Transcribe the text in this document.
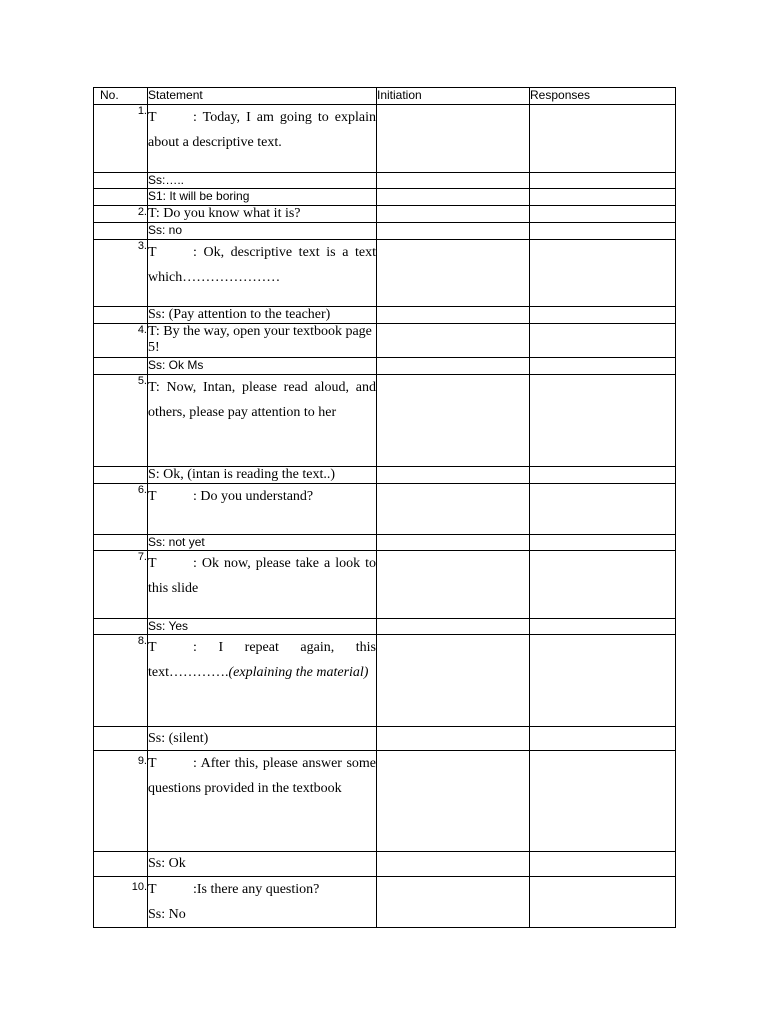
No.	Statement	Initiation	Responses
1.	T : Today, I am going to explain about a descriptive text.		
	Ss:…..		
	S1: It will be boring		
2.	T: Do you know what it is?		
	Ss: no		
3.	T : Ok, descriptive text is a text which…………………		
	Ss: (Pay attention to the teacher)		
4.	T: By the way, open your textbook page 5!		
	Ss: Ok Ms		
5.	T: Now, Intan, please read aloud, and others, please pay attention to her		
	S: Ok, (intan is reading the text..)		
6.	T : Do you understand?		
	Ss: not yet		
7.	T : Ok now, please take a look to this slide		
	Ss: Yes		
8.	T : I repeat again, this text………….(explaining the material)		
	Ss: (silent)		
9.	T : After this, please answer some questions provided in the textbook		
	Ss: Ok		
10.	T :Is there any question?
Ss: No		
